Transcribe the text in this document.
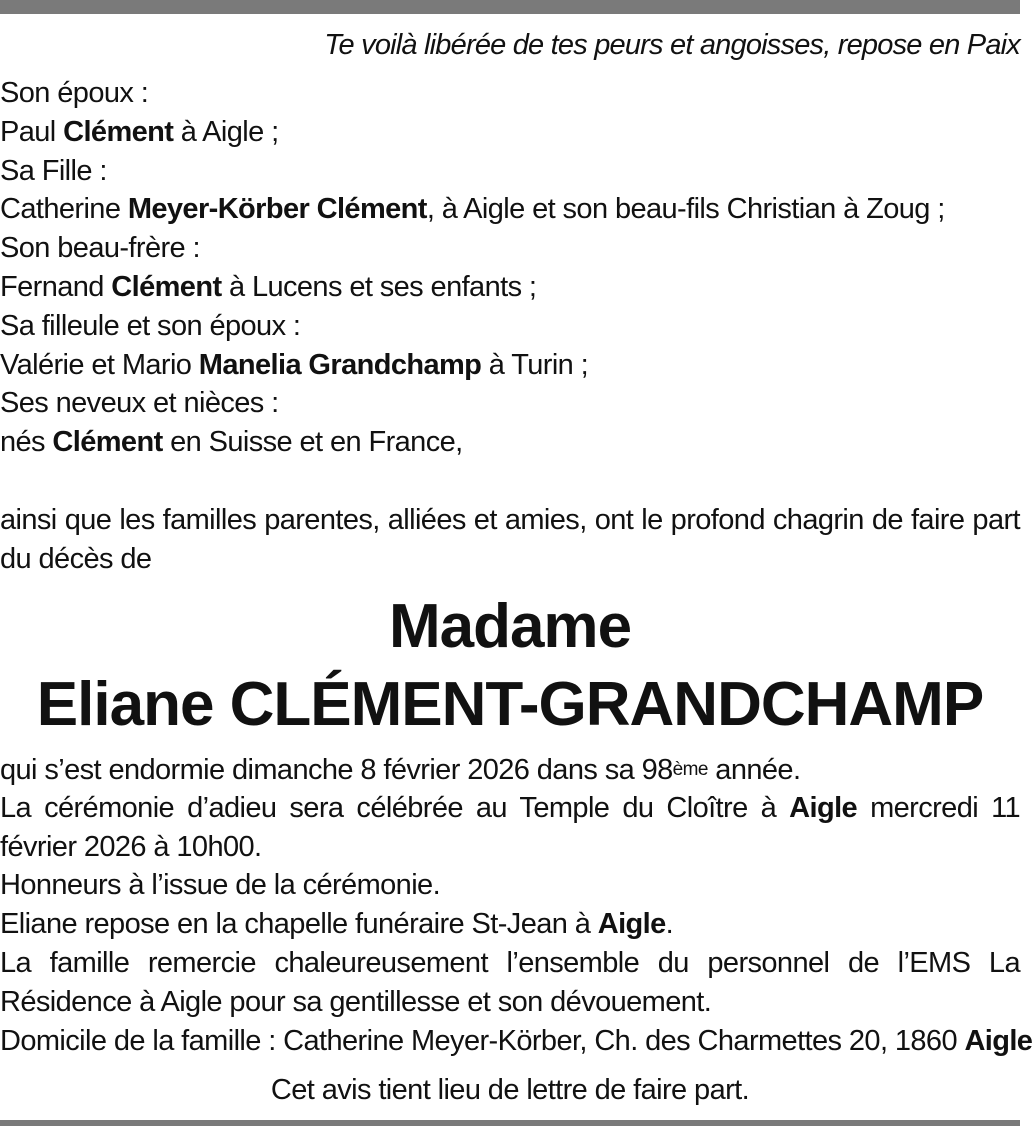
Te voilà libérée de tes peurs et angoisses, repose en Paix
Son époux :
Paul Clément à Aigle ;
Sa Fille :
Catherine Meyer-Körber Clément, à Aigle et son beau-fils Christian à Zoug ;
Son beau-frère :
Fernand Clément à Lucens et ses enfants ;
Sa filleule et son époux :
Valérie et Mario Manelia Grandchamp à Turin ;
Ses neveux et nièces :
nés Clément en Suisse et en France,
ainsi que les familles parentes, alliées et amies, ont le profond chagrin de faire part du décès de
Madame
Eliane CLÉMENT-GRANDCHAMP
qui s’est endormie dimanche 8 février 2026 dans sa 98ème année.
La cérémonie d’adieu sera célébrée au Temple du Cloître à Aigle mercredi 11 février 2026 à 10h00.
Honneurs à l’issue de la cérémonie.
Eliane repose en la chapelle funéraire St-Jean à Aigle.
La famille remercie chaleureusement l’ensemble du personnel de l’EMS La Résidence à Aigle pour sa gentillesse et son dévouement.
Domicile de la famille : Catherine Meyer-Körber, Ch. des Charmettes 20, 1860 Aigle
Cet avis tient lieu de lettre de faire part.
